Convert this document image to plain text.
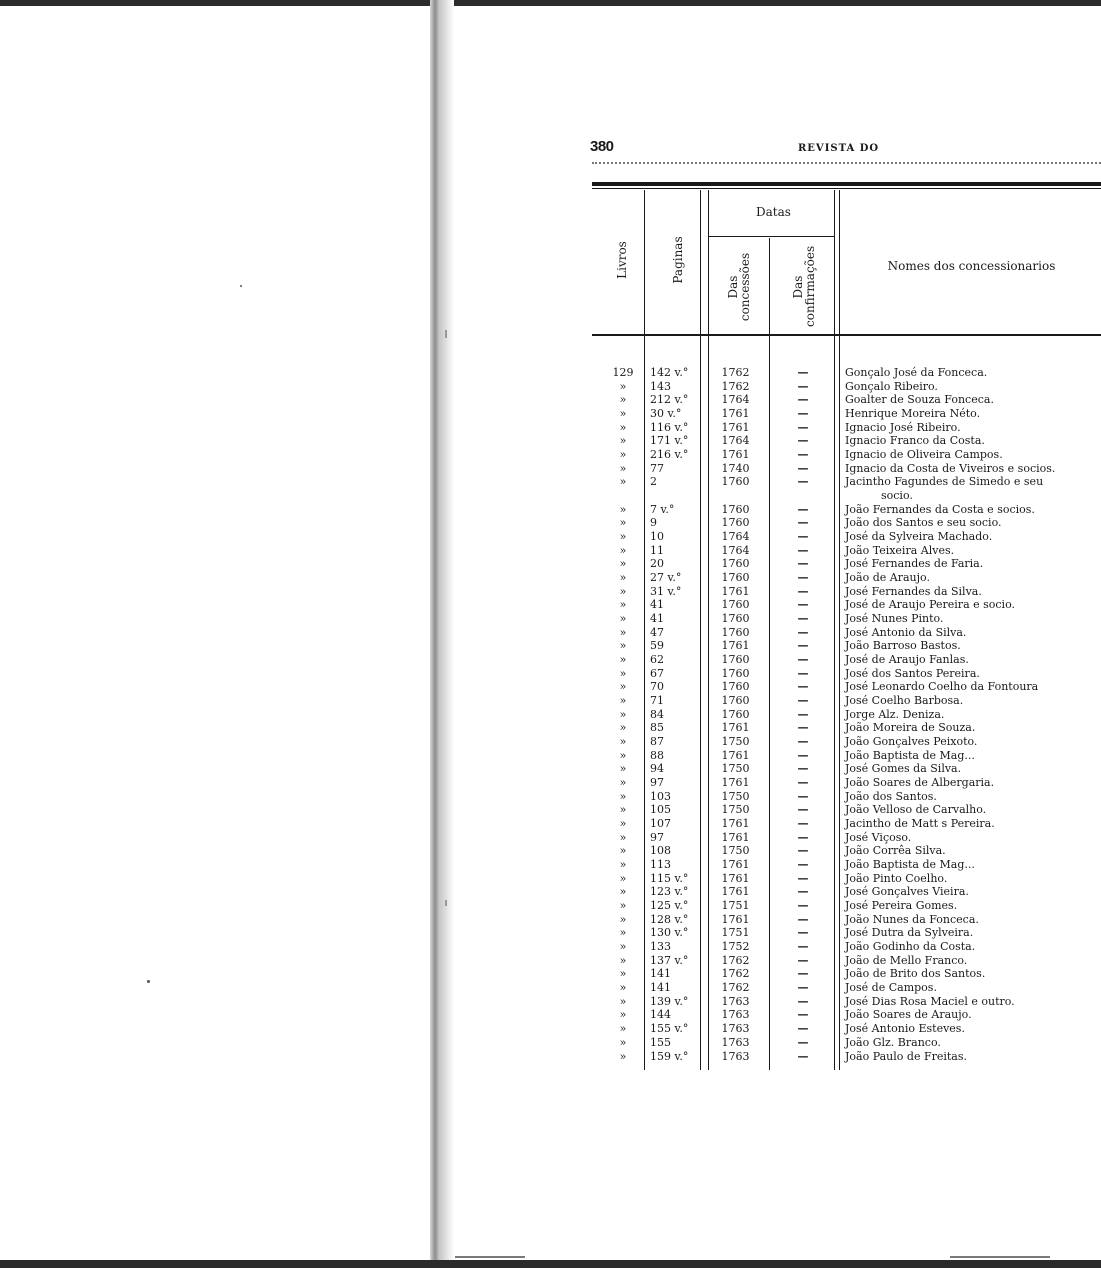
380	REVISTA DO
Livros	Paginas
Datas
Das concessões	Das confirmações	Nomes dos concessionarios
129	142 v.°	1762	—	Gonçalo José da Fonceca.
»	143	1762	—	Gonçalo Ribeiro.
»	212 v.°	1764	—	Goalter de Souza Fonceca.
»	30 v.°	1761	—	Henrique Moreira Néto.
»	116 v.°	1761	—	Ignacio José Ribeiro.
»	171 v.°	1764	—	Ignacio Franco da Costa.
»	216 v.°	1761	—	Ignacio de Oliveira Campos.
»	77	1740	—	Ignacio da Costa de Viveiros e socios.
»	2	1760	—	Jacintho Fagundes de Simedo e seu
socio.
»	7 v.°	1760	—	João Fernandes da Costa e socios.
»	9	1760	—	João dos Santos e seu socio.
»	10	1764	—	José da Sylveira Machado.
»	11	1764	—	João Teixeira Alves.
»	20	1760	—	José Fernandes de Faria.
»	27 v.°	1760	—	João de Araujo.
»	31 v.°	1761	—	José Fernandes da Silva.
»	41	1760	—	José de Araujo Pereira e socio.
»	41	1760	—	José Nunes Pinto.
»	47	1760	—	José Antonio da Silva.
»	59	1761	—	João Barroso Bastos.
»	62	1760	—	José de Araujo Fanlas.
»	67	1760	—	José dos Santos Pereira.
»	70	1760	—	José Leonardo Coelho da Fontoura
»	71	1760	—	José Coelho Barbosa.
»	84	1760	—	Jorge Alz. Deniza.
»	85	1761	—	João Moreira de Souza.
»	87	1750	—	João Gonçalves Peixoto.
»	88	1761	—	João Baptista de Mag...
»	94	1750	—	José Gomes da Silva.
»	97	1761	—	João Soares de Albergaria.
»	103	1750	—	João dos Santos.
»	105	1750	—	João Velloso de Carvalho.
»	107	1761	—	Jacintho de Matt s Pereira.
»	97	1761	—	José Viçoso.
»	108	1750	—	João Corrêa Silva.
»	113	1761	—	João Baptista de Mag...
»	115 v.°	1761	—	João Pinto Coelho.
»	123 v.°	1761	—	José Gonçalves Vieira.
»	125 v.°	1751	—	José Pereira Gomes.
»	128 v.°	1761	—	João Nunes da Fonceca.
»	130 v.°	1751	—	José Dutra da Sylveira.
»	133	1752	—	João Godinho da Costa.
»	137 v.°	1762	—	João de Mello Franco.
»	141	1762	—	João de Brito dos Santos.
»	141	1762	—	José de Campos.
»	139 v.°	1763	—	José Dias Rosa Maciel e outro.
»	144	1763	—	João Soares de Araujo.
»	155 v.°	1763	—	José Antonio Esteves.
»	155	1763	—	João Glz. Branco.
»	159 v.°	1763	—	João Paulo de Freitas.
